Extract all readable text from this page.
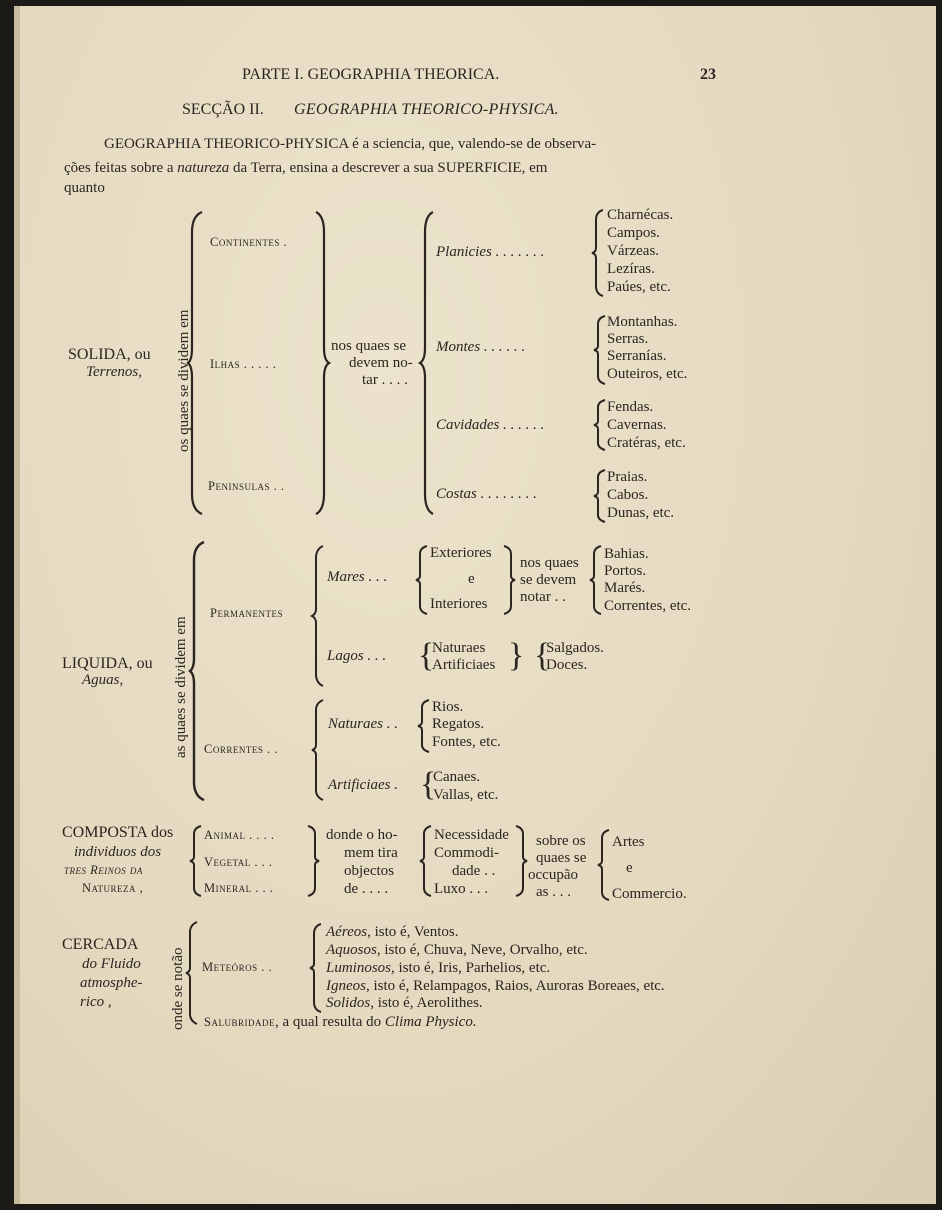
PARTE I. GEOGRAPHIA THEORICA.	23
SECÇÃO II. GEOGRAPHIA THEORICO-PHYSICA.
GEOGRAPHIA THEORICO-PHYSICA é a sciencia, que, valendo-se de observa-
ções feitas sobre a natureza da Terra, ensina a descrever a sua SUPERFICIE, em
quanto
SOLIDA, ou
Terrenos, os quaes se dividem em
Continentes .
Ilhas . . . . .
Peninsulas . .
nos quaes se
devem no-
tar . . . .
Planicies . . . . . . .
Montes . . . . . .
Cavidades . . . . . .
Costas . . . . . . . .
Charnécas.
Campos.
Várzeas.
Lezíras.
Paúes, etc.
Montanhas.
Serras.
Serranías.
Outeiros, etc.
Fendas.
Cavernas.
Cratéras, etc.
Praias.
Cabos.
Dunas, etc.
LIQUIDA, ou
Aguas,	as quaes se dividem em
Permanentes
Correntes . .
Mares . . .
Lagos . . .
Exteriores
e
Interiores
nos quaes
se devem
notar . .
Bahias.
Portos.
Marés.
Correntes, etc.
{
Naturaes
Artificiaes } {
Salgados.
Doces.
Naturaes . .
Artificiaes .
Rios.
Regatos.
Fontes, etc.
{
Canaes.
Vallas, etc.
COMPOSTA dos
individuos dos
tres Reinos da
Natureza ,
Animal . . . .
Vegetal . . .
Mineral . . .
donde o ho-
mem tira
objectos
de . . . .
Necessidade
Commodi-
dade . .
Luxo . . .
sobre os
quaes se
occupão
as . . .
Artes
e
Commercio.
CERCADA
do Fluido
atmosphe-
rico ,	onde se notão Meteóros . .
Aéreos, isto é, Ventos.
Aquosos, isto é, Chuva, Neve, Orvalho, etc.
Luminosos, isto é, Iris, Parhelios, etc.
Igneos, isto é, Relampagos, Raios, Auroras Boreaes, etc.
Solidos, isto é, Aerolithes.
Salubridade, a qual resulta do Clima Physico.
